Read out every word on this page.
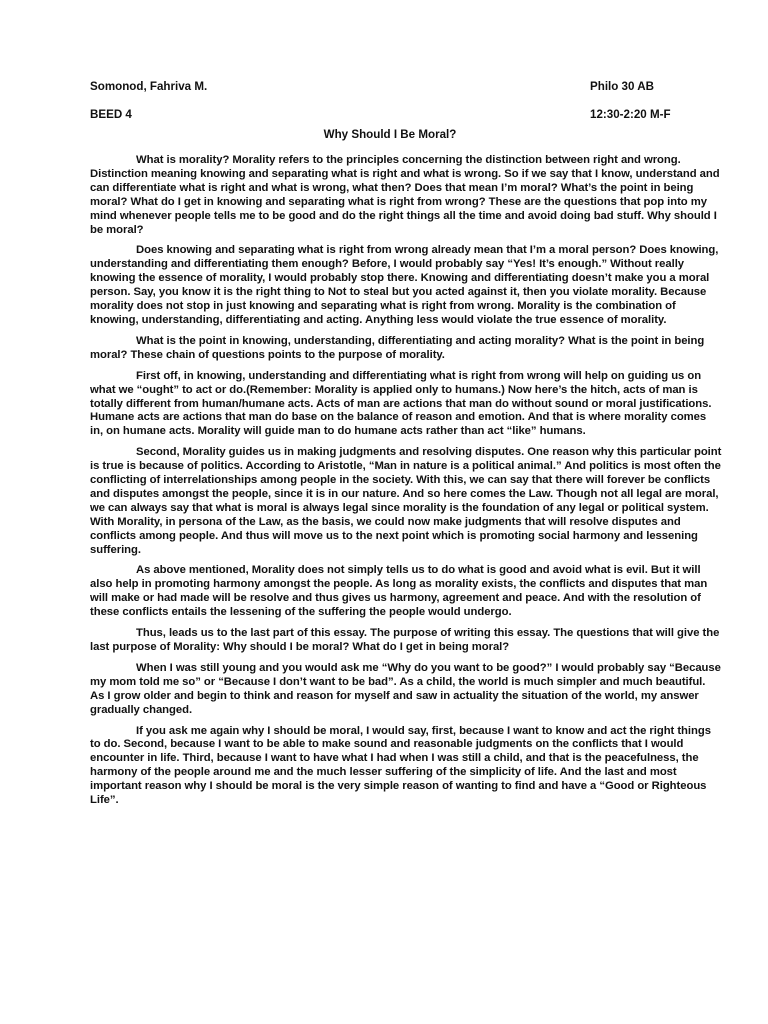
Somonod, Fahriva M.	Philo 30 AB
BEED 4	12:30-2:20 M-F
Why Should I Be Moral?

What is morality? Morality refers to the principles concerning the distinction between right and wrong. Distinction meaning knowing and separating what is right and what is wrong. So if we say that I know, understand and can differentiate what is right and what is wrong, what then? Does that mean I’m moral? What’s the point in being moral? What do I get in knowing and separating what is right from wrong? These are the questions that pop into my mind whenever people tells me to be good and do the right things all the time and avoid doing bad stuff. Why should I be moral?

Does knowing and separating what is right from wrong already mean that I’m a moral person? Does knowing, understanding and differentiating them enough? Before, I would probably say “Yes! It’s enough.” Without really knowing the essence of morality, I would probably stop there. Knowing and differentiating doesn’t make you a moral person. Say, you know it is the right thing to Not to steal but you acted against it, then you violate morality. Because morality does not stop in just knowing and separating what is right from wrong. Morality is the combination of knowing, understanding, differentiating and acting. Anything less would violate the true essence of morality.

What is the point in knowing, understanding, differentiating and acting morality? What is the point in being moral? These chain of questions points to the purpose of morality.

First off, in knowing, understanding and differentiating what is right from wrong will help on guiding us on what we “ought” to act or do.(Remember: Morality is applied only to humans.) Now here’s the hitch, acts of man is totally different from human/humane acts. Acts of man are actions that man do without sound or moral justifications. Humane acts are actions that man do base on the balance of reason and emotion. And that is where morality comes in, on humane acts. Morality will guide man to do humane acts rather than act “like” humans.

Second, Morality guides us in making judgments and resolving disputes. One reason why this particular point is true is because of politics. According to Aristotle, “Man in nature is a political animal.” And politics is most often the conflicting of interrelationships among people in the society. With this, we can say that there will forever be conflicts and disputes amongst the people, since it is in our nature. And so here comes the Law. Though not all legal are moral, we can always say that what is moral is always legal since morality is the foundation of any legal or political system. With Morality, in persona of the Law, as the basis, we could now make judgments that will resolve disputes and conflicts among people. And thus will move us to the next point which is promoting social harmony and lessening suffering.

As above mentioned, Morality does not simply tells us to do what is good and avoid what is evil. But it will also help in promoting harmony amongst the people. As long as morality exists, the conflicts and disputes that man will make or had made will be resolve and thus gives us harmony, agreement and peace. And with the resolution of these conflicts entails the lessening of the suffering the people would undergo.

Thus, leads us to the last part of this essay. The purpose of writing this essay. The questions that will give the last purpose of Morality: Why should I be moral? What do I get in being moral?

When I was still young and you would ask me “Why do you want to be good?” I would probably say “Because my mom told me so” or “Because I don’t want to be bad”. As a child, the world is much simpler and much beautiful. As I grow older and begin to think and reason for myself and saw in actuality the situation of the world, my answer gradually changed.

If you ask me again why I should be moral, I would say, first, because I want to know and act the right things to do. Second, because I want to be able to make sound and reasonable judgments on the conflicts that I would encounter in life. Third, because I want to have what I had when I was still a child, and that is the peacefulness, the harmony of the people around me and the much lesser suffering of the simplicity of life. And the last and most important reason why I should be moral is the very simple reason of wanting to find and have a “Good or Righteous Life”.
